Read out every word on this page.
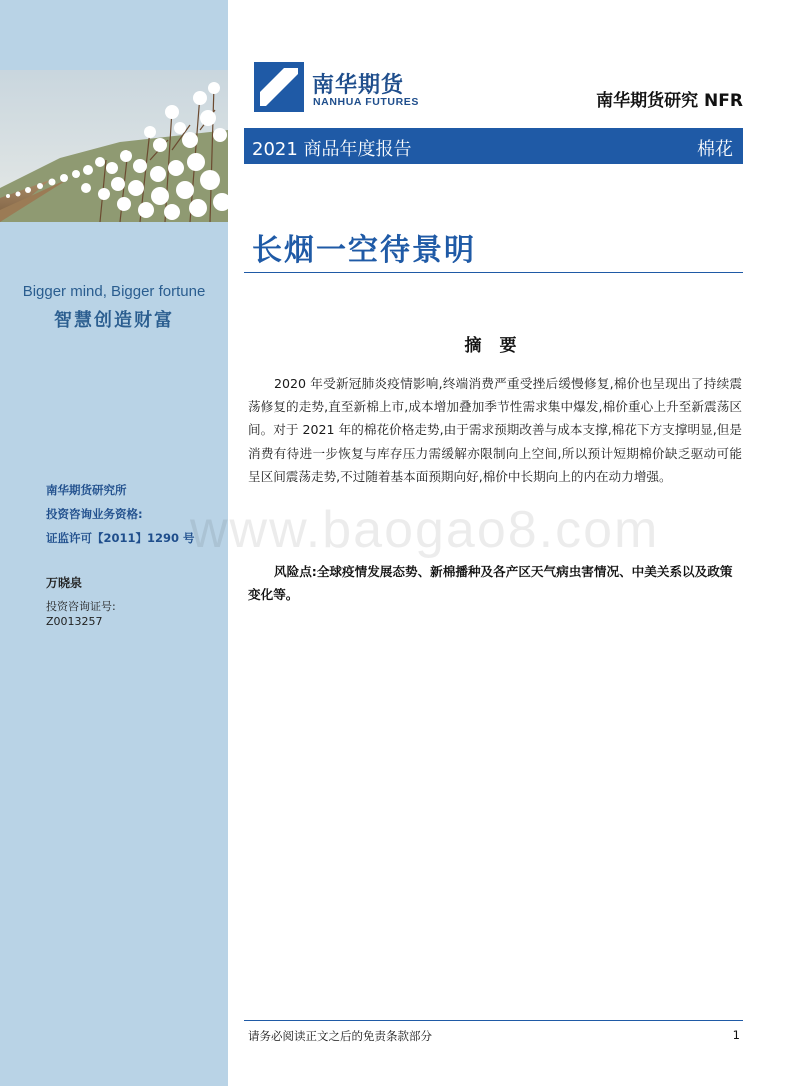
Bigger mind, Bigger fortune
智慧创造财富
南华期货研究所
投资咨询业务资格:
证监许可【2011】1290 号
万晓泉
投资咨询证号:
Z0013257
南华期货
NANHUA FUTURES	南华期货研究 NFR
2021 商品年度报告	棉花
长烟一空待景明
摘 要

2020 年受新冠肺炎疫情影响,终端消费严重受挫后缓慢修复,棉价也呈现出了持续震荡修复的走势,直至新棉上市,成本增加叠加季节性需求集中爆发,棉价重心上升至新震荡区间。对于 2021 年的棉花价格走势,由于需求预期改善与成本支撑,棉花下方支撑明显,但是消费有待进一步恢复与库存压力需缓解亦限制向上空间,所以预计短期棉价缺乏驱动可能呈区间震荡走势,不过随着基本面预期向好,棉价中长期向上的内在动力增强。

风险点:全球疫情发展态势、新棉播种及各产区天气病虫害情况、中美关系以及政策变化等。

www.baogao8.com
请务必阅读正文之后的免责条款部分	1
